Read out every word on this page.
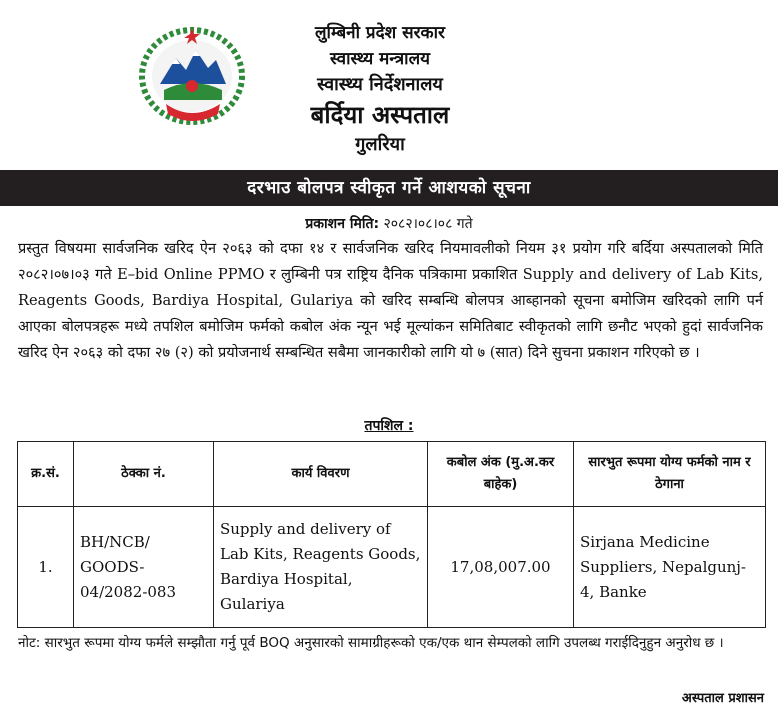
लुम्बिनी प्रदेश सरकार
स्वास्थ्य मन्त्रालय
स्वास्थ्य निर्देशनालय
बर्दिया अस्पताल
गुलरिया
दरभाउ बोलपत्र स्वीकृत गर्ने आशयको सूचना
प्रकाशन मिति: २०८२।०८।०८ गते
प्रस्तुत विषयमा सार्वजनिक खरिद ऐन २०६३ को दफा १४ र सार्वजनिक खरिद नियमावलीको नियम ३१ प्रयोग गरि बर्दिया अस्पतालको मिति २०८२।०७।०३ गते E–bid Online PPMO र लुम्बिनी पत्र राष्ट्रिय दैनिक पत्रिकामा प्रकाशित Supply and delivery of Lab Kits, Reagents Goods, Bardiya Hospital, Gulariya को खरिद सम्बन्धि बोलपत्र आब्हानको सूचना बमोजिम खरिदको लागि पर्न आएका बोलपत्रहरू मध्ये तपशिल बमोजिम फर्मको कबोल अंक न्यून भई मूल्यांकन समितिबाट स्वीकृतको लागि छनौट भएको हुदां सार्वजनिक खरिद ऐन २०६३ को दफा २७ (२) को प्रयोजनार्थ सम्बन्धित सबैमा जानकारीको लागि यो ७ (सात) दिने सुचना प्रकाशन गरिएको छ ।
तपशिल :
क्र.सं.	ठेक्का नं.	कार्य विवरण	कबोल अंक (मु.अ.कर बाहेक)	सारभुत रूपमा योग्य फर्मको नाम र ठेगाना
1.	BH/NCB/ GOODS- 04/2082-083	Supply and delivery of Lab Kits, Reagents Goods, Bardiya Hospital, Gulariya	17,08,007.00	Sirjana Medicine Suppliers, Nepalgunj-4, Banke
नोट: सारभुत रूपमा योग्य फर्मले सम्झौता गर्नु पूर्व BOQ अनुसारको सामाग्रीहरूको एक/एक थान सेम्पलको लागि उपलब्ध गराईदिनुहुन अनुरोध छ ।
अस्पताल प्रशासन
